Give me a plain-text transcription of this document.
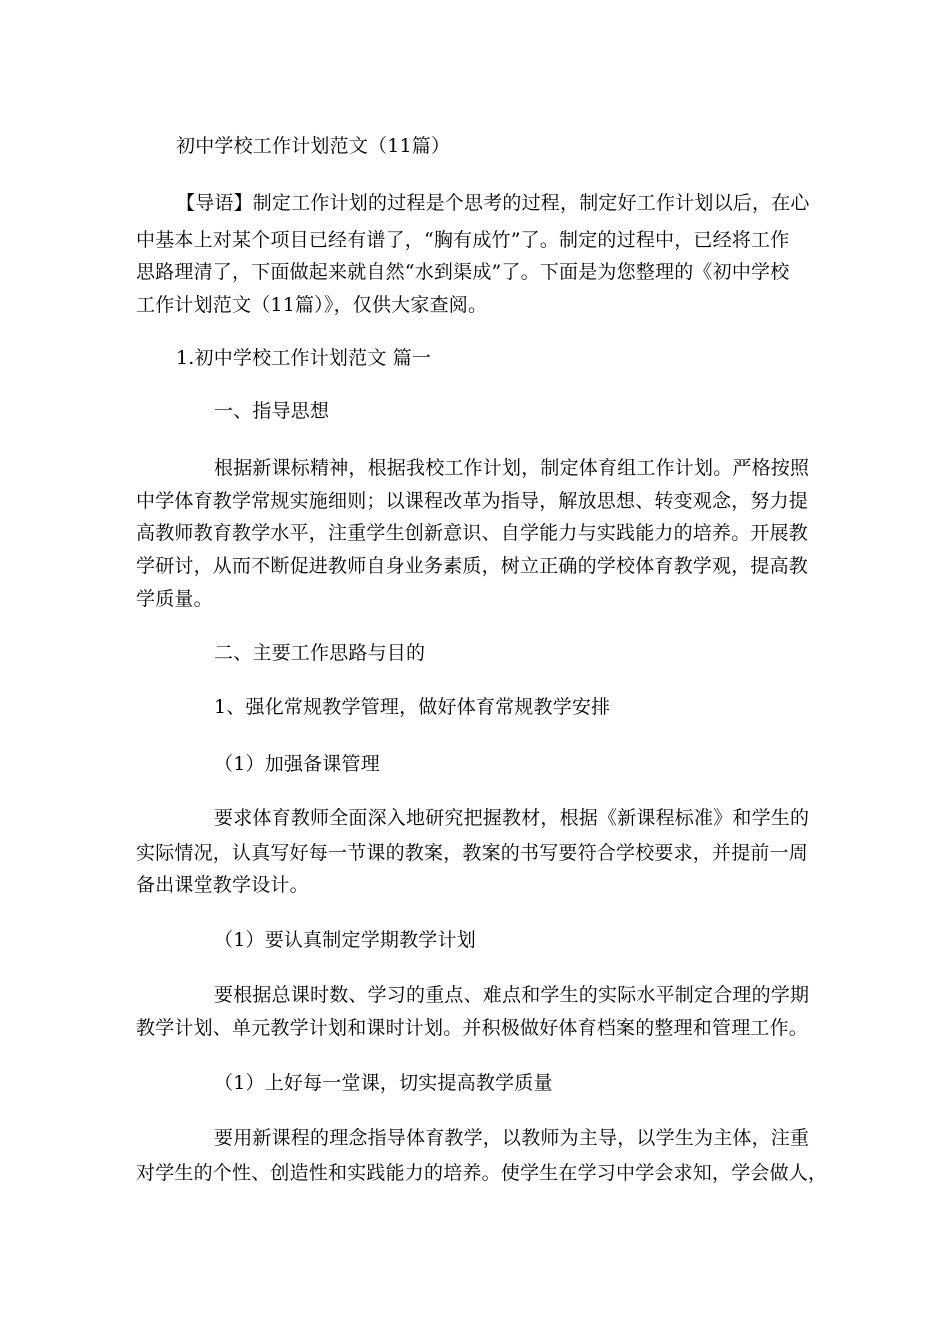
初中学校工作计划范文（11篇）
【导语】制定工作计划的过程是个思考的过程，制定好工作计划以后，在心
中基本上对某个项目已经有谱了，“胸有成竹”了。制定的过程中，已经将工作
思路理清了，下面做起来就自然“水到渠成”了。下面是为您整理的《初中学校
工作计划范文（11篇）》，仅供大家查阅。
1.初中学校工作计划范文 篇一
一、指导思想
根据新课标精神，根据我校工作计划，制定体育组工作计划。严格按照
中学体育教学常规实施细则；以课程改革为指导，解放思想、转变观念，努力提
高教师教育教学水平，注重学生创新意识、自学能力与实践能力的培养。开展教
学研讨，从而不断促进教师自身业务素质，树立正确的学校体育教学观，提高教
学质量。
二、主要工作思路与目的
1、强化常规教学管理，做好体育常规教学安排
（1）加强备课管理
要求体育教师全面深入地研究把握教材，根据《新课程标准》和学生的
实际情况，认真写好每一节课的教案，教案的书写要符合学校要求，并提前一周
备出课堂教学设计。
（1）要认真制定学期教学计划
要根据总课时数、学习的重点、难点和学生的实际水平制定合理的学期
教学计划、单元教学计划和课时计划。并积极做好体育档案的整理和管理工作。
（1）上好每一堂课，切实提高教学质量
要用新课程的理念指导体育教学，以教师为主导，以学生为主体，注重
对学生的个性、创造性和实践能力的培养。使学生在学习中学会求知，学会做人，
